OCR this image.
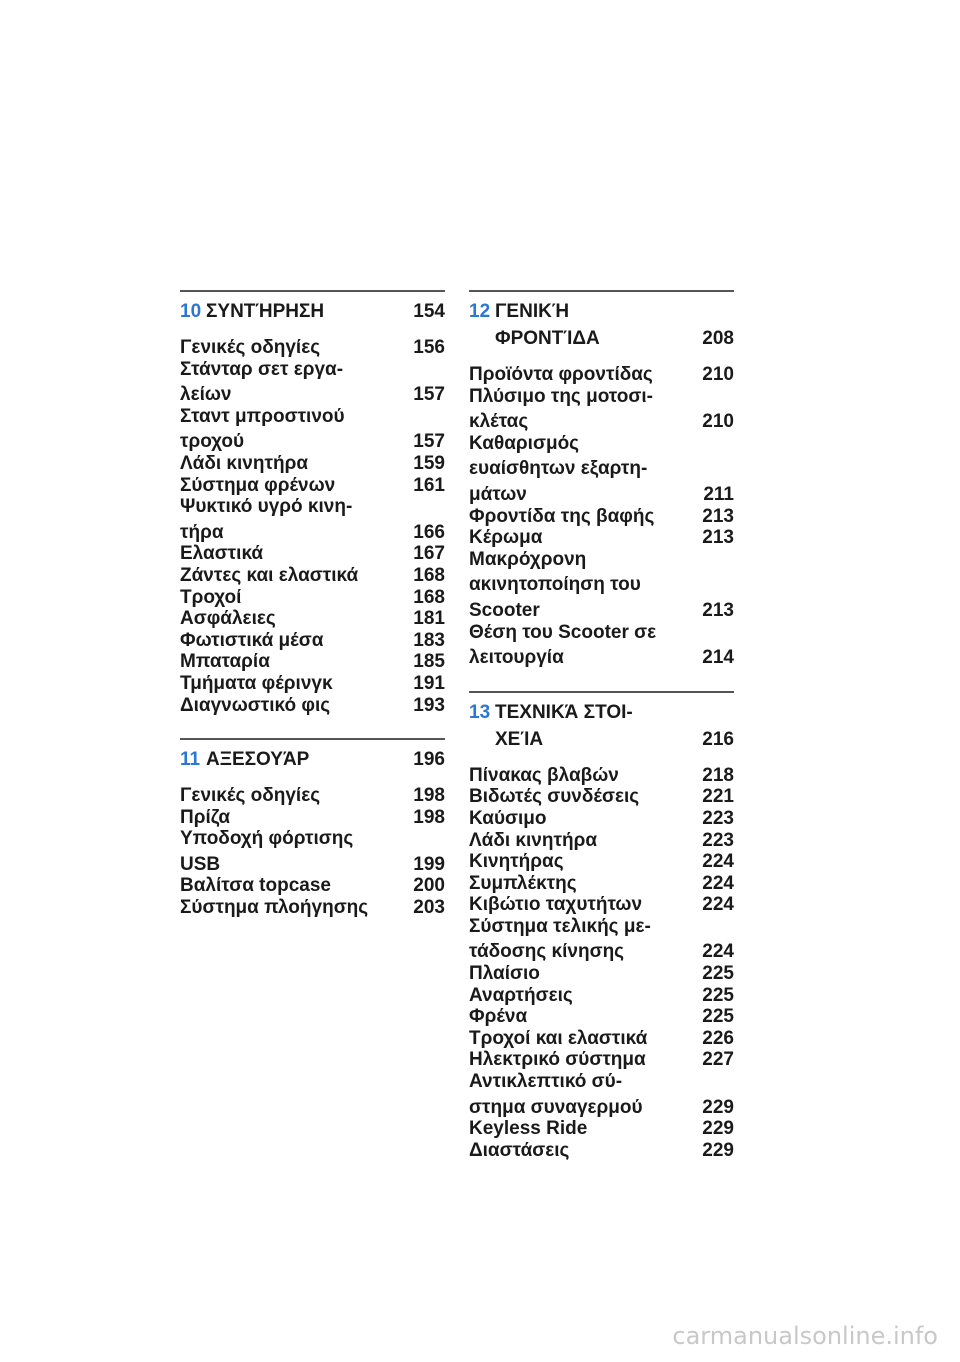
10 ΣΥΝΤΉΡΗΣΗ	154
Γενικές οδηγίες	156
Στάνταρ σετ εργα-
λείων	157
Σταντ μπροστινού
τροχού	157
Λάδι κινητήρα	159
Σύστημα φρένων	161
Ψυκτικό υγρό κινη-
τήρα	166
Ελαστικά	167
Ζάντες και ελαστικά	168
Τροχοί	168
Ασφάλειες	181
Φωτιστικά μέσα	183
Μπαταρία	185
Τμήματα φέρινγκ	191
Διαγνωστικό φις	193
11 ΑΞΕΣΟΥΆΡ	196
Γενικές οδηγίες	198
Πρίζα	198
Υποδοχή φόρτισης
USB	199
Βαλίτσα topcase	200
Σύστημα πλοήγησης	203
12 ΓΕΝΙΚΉ
ΦΡΟΝΤΊΔΑ	208
Προϊόντα φροντίδας	210
Πλύσιμο της μοτοσι-
κλέτας	210
Καθαρισμός
ευαίσθητων εξαρτη-
μάτων	211
Φροντίδα της βαφής	213
Κέρωμα	213
Μακρόχρονη
ακινητοποίηση του
Scooter	213
Θέση του Scooter σε
λειτουργία	214
13 ΤΕΧΝΙΚΆ ΣΤΟΙ-
ΧΕΊΑ	216
Πίνακας βλαβών	218
Βιδωτές συνδέσεις	221
Καύσιμο	223
Λάδι κινητήρα	223
Κινητήρας	224
Συμπλέκτης	224
Κιβώτιο ταχυτήτων	224
Σύστημα τελικής με-
τάδοσης κίνησης	224
Πλαίσιο	225
Αναρτήσεις	225
Φρένα	225
Τροχοί και ελαστικά	226
Ηλεκτρικό σύστημα	227
Αντικλεπτικό σύ-
στημα συναγερμού	229
Keyless Ride	229
Διαστάσεις	229
carmanualsonline.info
